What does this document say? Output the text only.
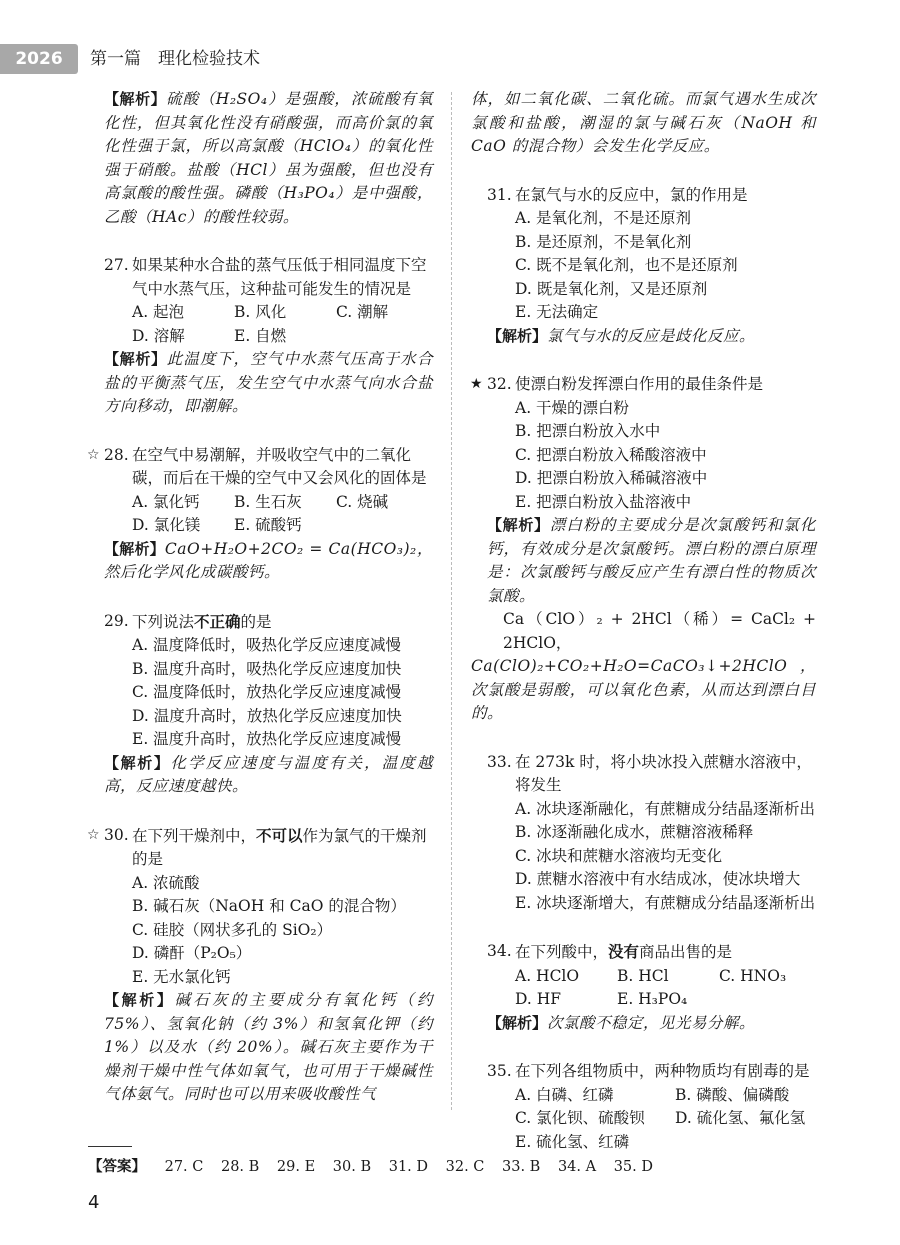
2026	第一篇　理化检验技术
【解析】硫酸（H₂SO₄）是强酸，浓硫酸有氧化性，但其氧化性没有硝酸强，而高价氯的氧化性强于氯，所以高氯酸（HClO₄）的氧化性强于硝酸。盐酸（HCl）虽为强酸，但也没有高氯酸的酸性强。磷酸（H₃PO₄）是中强酸，乙酸（HAc）的酸性较弱。
27. 如果某种水合盐的蒸气压低于相同温度下空气中水蒸气压，这种盐可能发生的情况是
A. 起泡	B. 风化	C. 潮解
D. 溶解	E. 自燃
【解析】此温度下，空气中水蒸气压高于水合盐的平衡蒸气压，发生空气中水蒸气向水合盐方向移动，即潮解。
☆ 28. 在空气中易潮解，并吸收空气中的二氧化碳，而后在干燥的空气中又会风化的固体是
A. 氯化钙	B. 生石灰	C. 烧碱
D. 氯化镁	E. 硫酸钙
【解析】CaO+H₂O+2CO₂ = Ca(HCO₃)₂，然后化学风化成碳酸钙。
29. 下列说法不正确的是
A. 温度降低时，吸热化学反应速度减慢
B. 温度升高时，吸热化学反应速度加快
C. 温度降低时，放热化学反应速度减慢
D. 温度升高时，放热化学反应速度加快
E. 温度升高时，放热化学反应速度减慢
【解析】化学反应速度与温度有关，温度越高，反应速度越快。
☆ 30. 在下列干燥剂中，不可以作为氯气的干燥剂的是
A. 浓硫酸
B. 碱石灰（NaOH 和 CaO 的混合物）
C. 硅胶（网状多孔的 SiO₂）
D. 磷酐（P₂O₅）
E. 无水氯化钙
【解析】碱石灰的主要成分有氧化钙（约75%）、氢氧化钠（约 3%）和氢氧化钾（约1%）以及水（约 20%）。碱石灰主要作为干燥剂干燥中性气体如氧气，也可用于干燥碱性气体氨气。同时也可以用来吸收酸性气
体，如二氧化碳、二氧化硫。而氯气遇水生成次氯酸和盐酸，潮湿的氯与碱石灰（NaOH 和CaO 的混合物）会发生化学反应。
31. 在氯气与水的反应中，氯的作用是
A. 是氧化剂，不是还原剂
B. 是还原剂，不是氧化剂
C. 既不是氧化剂，也不是还原剂
D. 既是氧化剂，又是还原剂
E. 无法确定
【解析】氯气与水的反应是歧化反应。
★ 32. 使漂白粉发挥漂白作用的最佳条件是
A. 干燥的漂白粉
B. 把漂白粉放入水中
C. 把漂白粉放入稀酸溶液中
D. 把漂白粉放入稀碱溶液中
E. 把漂白粉放入盐溶液中
【解析】漂白粉的主要成分是次氯酸钙和氯化钙，有效成分是次氯酸钙。漂白粉的漂白原理是：次氯酸钙与酸反应产生有漂白性的物质次氯酸。
Ca（ClO）₂ + 2HCl（稀）= CaCl₂ + 2HClO，
Ca(ClO)₂+CO₂+H₂O=CaCO₃↓+2HClO，次氯酸是弱酸，可以氧化色素，从而达到漂白目的。
33. 在 273k 时，将小块冰投入蔗糖水溶液中，将发生
A. 冰块逐渐融化，有蔗糖成分结晶逐渐析出
B. 冰逐渐融化成水，蔗糖溶液稀释
C. 冰块和蔗糖水溶液均无变化
D. 蔗糖水溶液中有水结成冰，使冰块增大
E. 冰块逐渐增大，有蔗糖成分结晶逐渐析出
34. 在下列酸中，没有商品出售的是
A. HClO	B. HCl	C. HNO₃
D. HF	E. H₃PO₄
【解析】次氯酸不稳定，见光易分解。
35. 在下列各组物质中，两种物质均有剧毒的是
A. 白磷、红磷	B. 磷酸、偏磷酸
C. 氯化钡、硫酸钡	D. 硫化氢、氟化氢
E. 硫化氢、红磷
【答案】 27. C 28. B 29. E 30. B 31. D 32. C 33. B 34. A 35. D
4
